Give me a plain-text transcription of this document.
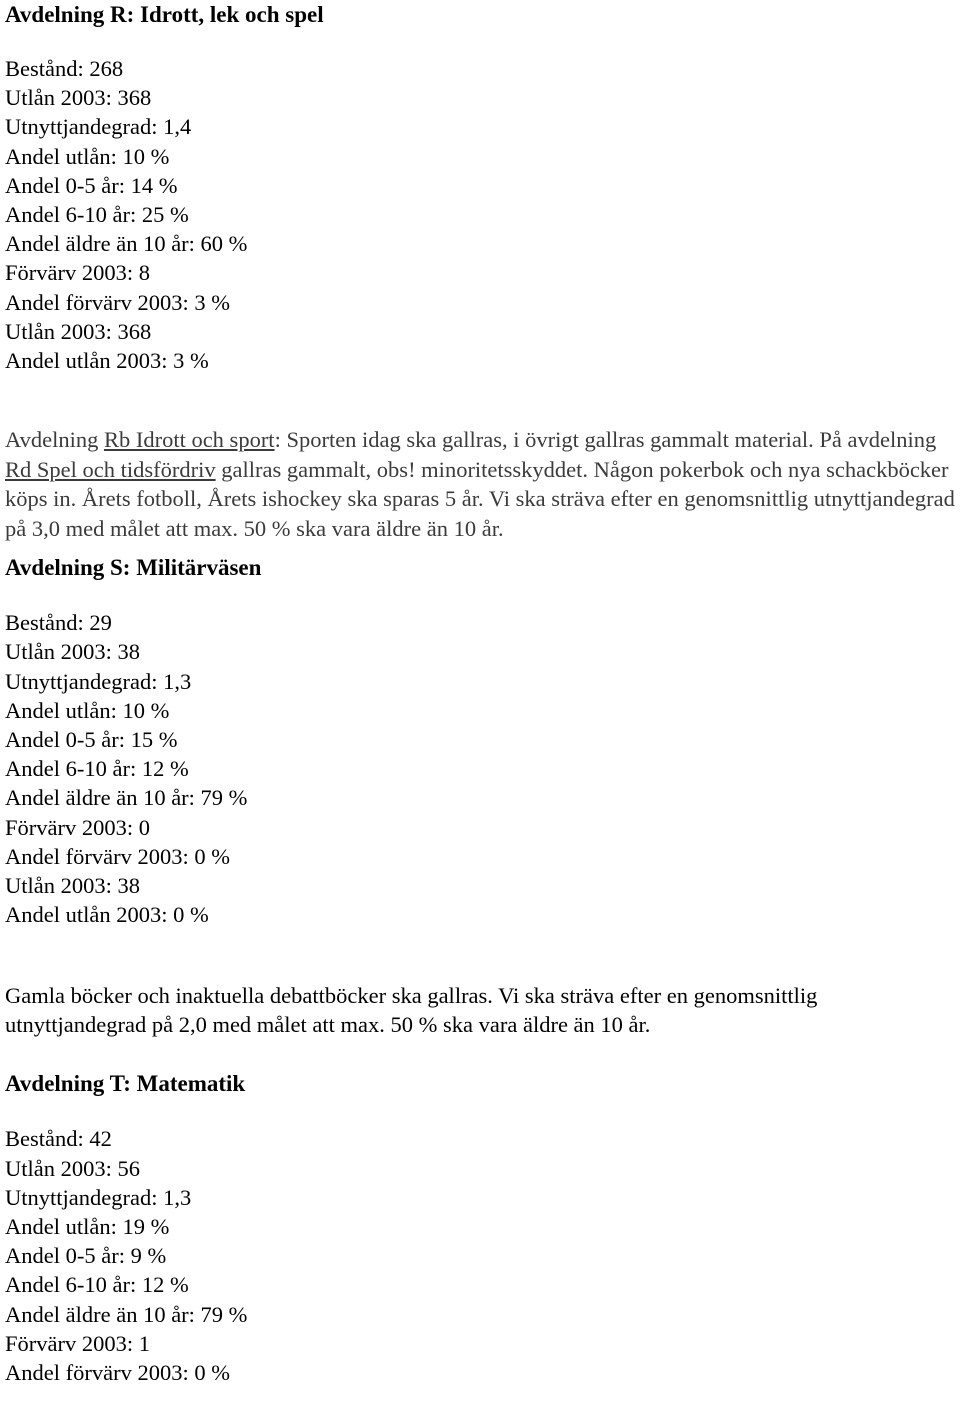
Avdelning R: Idrott, lek och spel
Bestånd: 268
Utlån 2003: 368
Utnyttjandegrad: 1,4
Andel utlån: 10 %
Andel 0-5 år: 14 %
Andel 6-10 år: 25 %
Andel äldre än 10 år: 60 %
Förvärv 2003: 8
Andel förvärv 2003: 3 %
Utlån 2003: 368
Andel utlån 2003: 3 %

Avdelning Rb Idrott och sport: Sporten idag ska gallras, i övrigt gallras gammalt material. På avdelning Rd Spel och tidsfördriv gallras gammalt, obs! minoritetsskyddet. Någon pokerbok och nya schackböcker köps in. Årets fotboll, Årets ishockey ska sparas 5 år. Vi ska sträva efter en genomsnittlig utnyttjandegrad på 3,0 med målet att max. 50 % ska vara äldre än 10 år.

Avdelning S: Militärväsen
Bestånd: 29
Utlån 2003: 38
Utnyttjandegrad: 1,3
Andel utlån: 10 %
Andel 0-5 år: 15 %
Andel 6-10 år: 12 %
Andel äldre än 10 år: 79 %
Förvärv 2003: 0
Andel förvärv 2003: 0 %
Utlån 2003: 38
Andel utlån 2003: 0 %

Gamla böcker och inaktuella debattböcker ska gallras. Vi ska sträva efter en genomsnittlig utnyttjandegrad på 2,0 med målet att max. 50 % ska vara äldre än 10 år.

Avdelning T: Matematik
Bestånd: 42
Utlån 2003: 56
Utnyttjandegrad: 1,3
Andel utlån: 19 %
Andel 0-5 år: 9 %
Andel 6-10 år: 12 %
Andel äldre än 10 år: 79 %
Förvärv 2003: 1
Andel förvärv 2003: 0 %
